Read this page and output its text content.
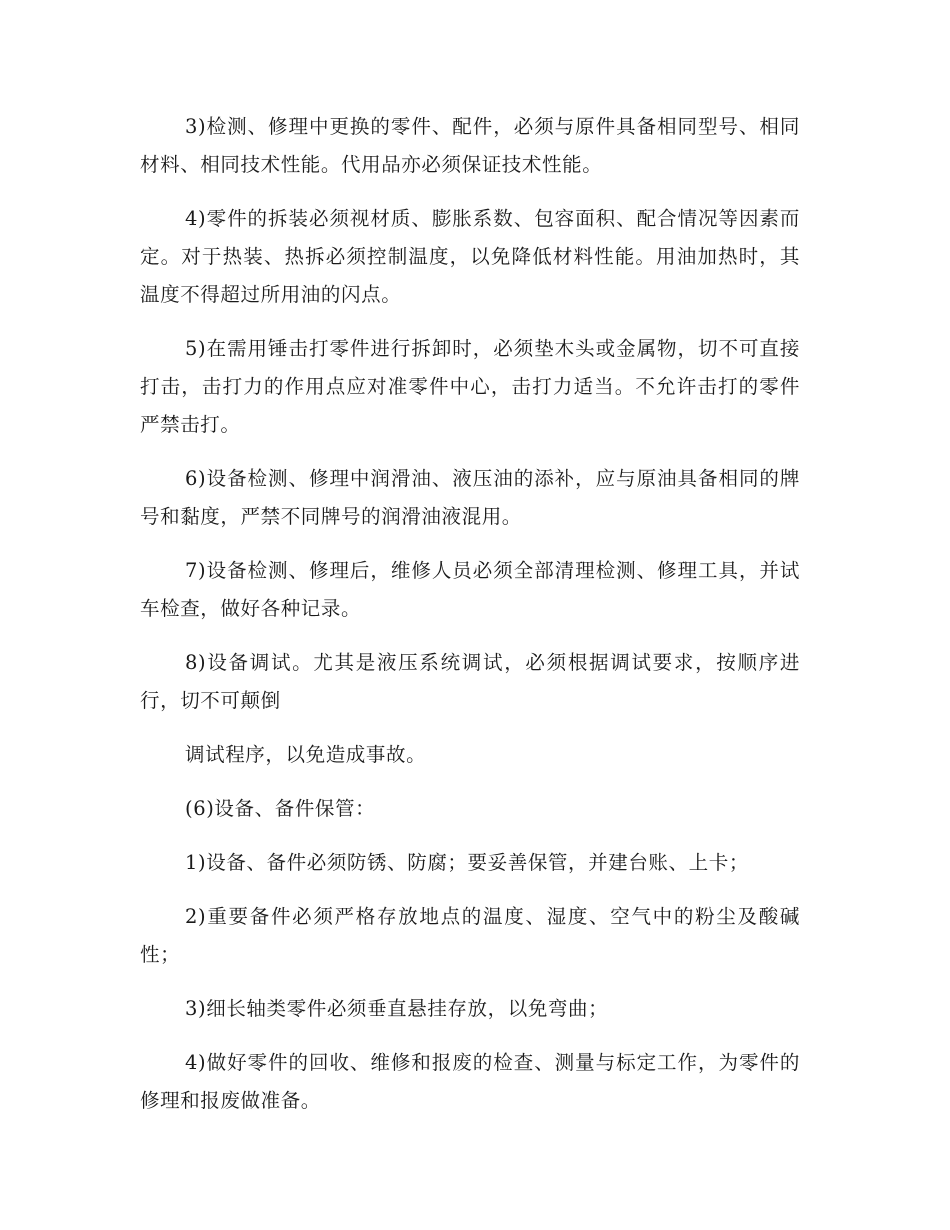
3)检测、修理中更换的零件、配件，必须与原件具备相同型号、相同材料、相同技术性能。代用品亦必须保证技术性能。

4)零件的拆装必须视材质、膨胀系数、包容面积、配合情况等因素而定。对于热装、热拆必须控制温度，以免降低材料性能。用油加热时，其温度不得超过所用油的闪点。

5)在需用锤击打零件进行拆卸时，必须垫木头或金属物，切不可直接打击，击打力的作用点应对准零件中心，击打力适当。不允许击打的零件严禁击打。

6)设备检测、修理中润滑油、液压油的添补，应与原油具备相同的牌号和黏度，严禁不同牌号的润滑油液混用。

7)设备检测、修理后，维修人员必须全部清理检测、修理工具，并试车检查，做好各种记录。

8)设备调试。尤其是液压系统调试，必须根据调试要求，按顺序进行，切不可颠倒

调试程序，以免造成事故。

(6)设备、备件保管：

1)设备、备件必须防锈、防腐；要妥善保管，并建台账、上卡；

2)重要备件必须严格存放地点的温度、湿度、空气中的粉尘及酸碱性；

3)细长轴类零件必须垂直悬挂存放，以免弯曲；

4)做好零件的回收、维修和报废的检查、测量与标定工作，为零件的修理和报废做准备。
